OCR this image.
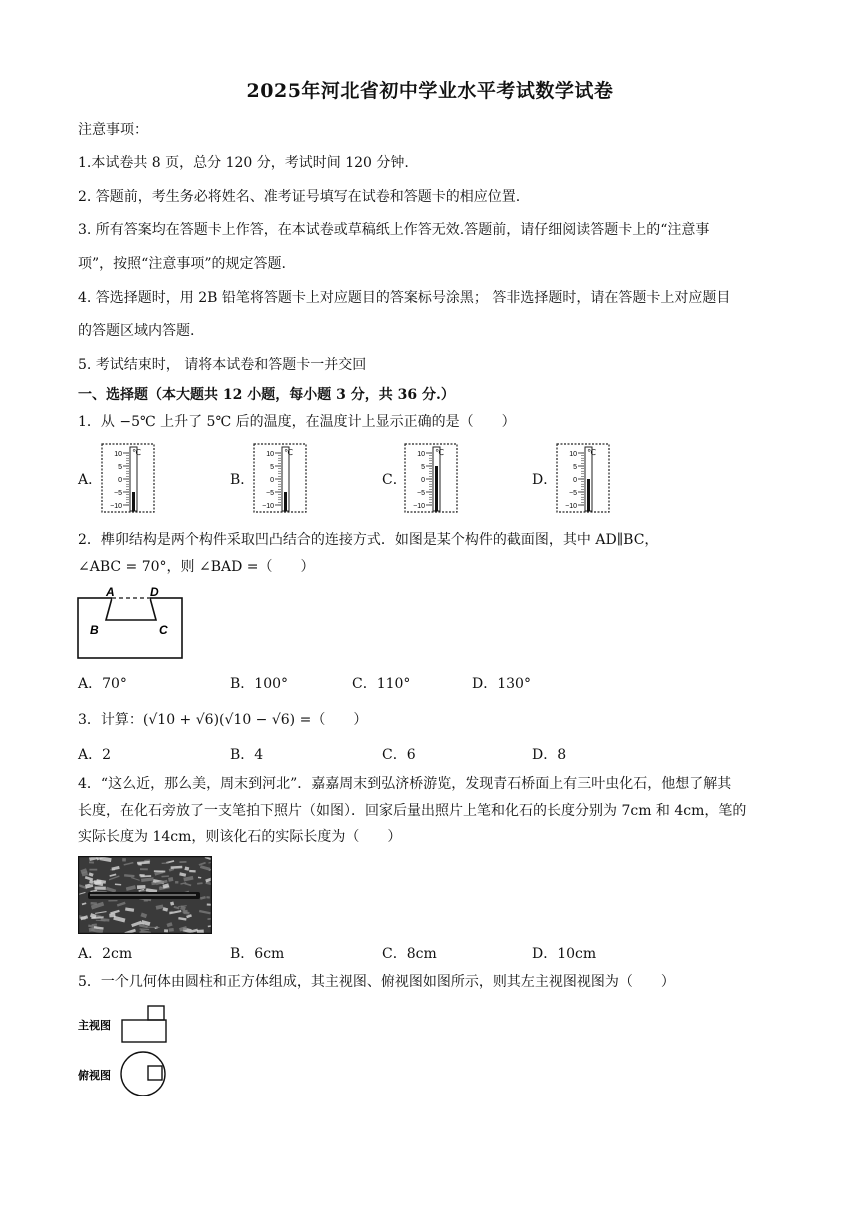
2025年河北省初中学业水平考试数学试卷
注意事项：
1.本试卷共 8 页，总分 120 分，考试时间 120 分钟.
2. 答题前，考生务必将姓名、准考证号填写在试卷和答题卡的相应位置.
3. 所有答案均在答题卡上作答，在本试卷或草稿纸上作答无效.答题前，请仔细阅读答题卡上的“注意事
项”，按照“注意事项”的规定答题.
4. 答选择题时，用 2B 铅笔将答题卡上对应题目的答案标号涂黑； 答非选择题时，请在答题卡上对应题目
的答题区域内答题.
5. 考试结束时， 请将本试卷和答题卡一并交回
一、选择题（本大题共 12 小题，每小题 3 分，共 36 分.）
1．从 −5℃ 上升了 5℃ 后的温度，在温度计上显示正确的是（　　）
A．	B．	C．	D．
10
5
0
−5
−10
℃	10
5
0
−5
−10
℃	10
5
0
−5
−10
℃	10
5
0
−5
−10
℃
2．榫卯结构是两个构件采取凹凸结合的连接方式．如图是某个构件的截面图，其中 AD∥BC，
∠ABC = 70°，则 ∠BAD =（　　）
A	D
B	C
A．70°	B．100°	C．110°	D．130°
3．计算：(√10 + √6)(√10 − √6) =（　　）
A．2	B．4	C．6	D．8
4．“这么近，那么美，周末到河北”．嘉嘉周末到弘济桥游览，发现青石桥面上有三叶虫化石，他想了解其
长度，在化石旁放了一支笔拍下照片（如图）．回家后量出照片上笔和化石的长度分别为 7cm 和 4cm，笔的
实际长度为 14cm，则该化石的实际长度为（　　）
A．2cm	B．6cm	C．8cm	D．10cm
5．一个几何体由圆柱和正方体组成，其主视图、俯视图如图所示，则其左主视图视图为（　　）
主视图
俯视图
